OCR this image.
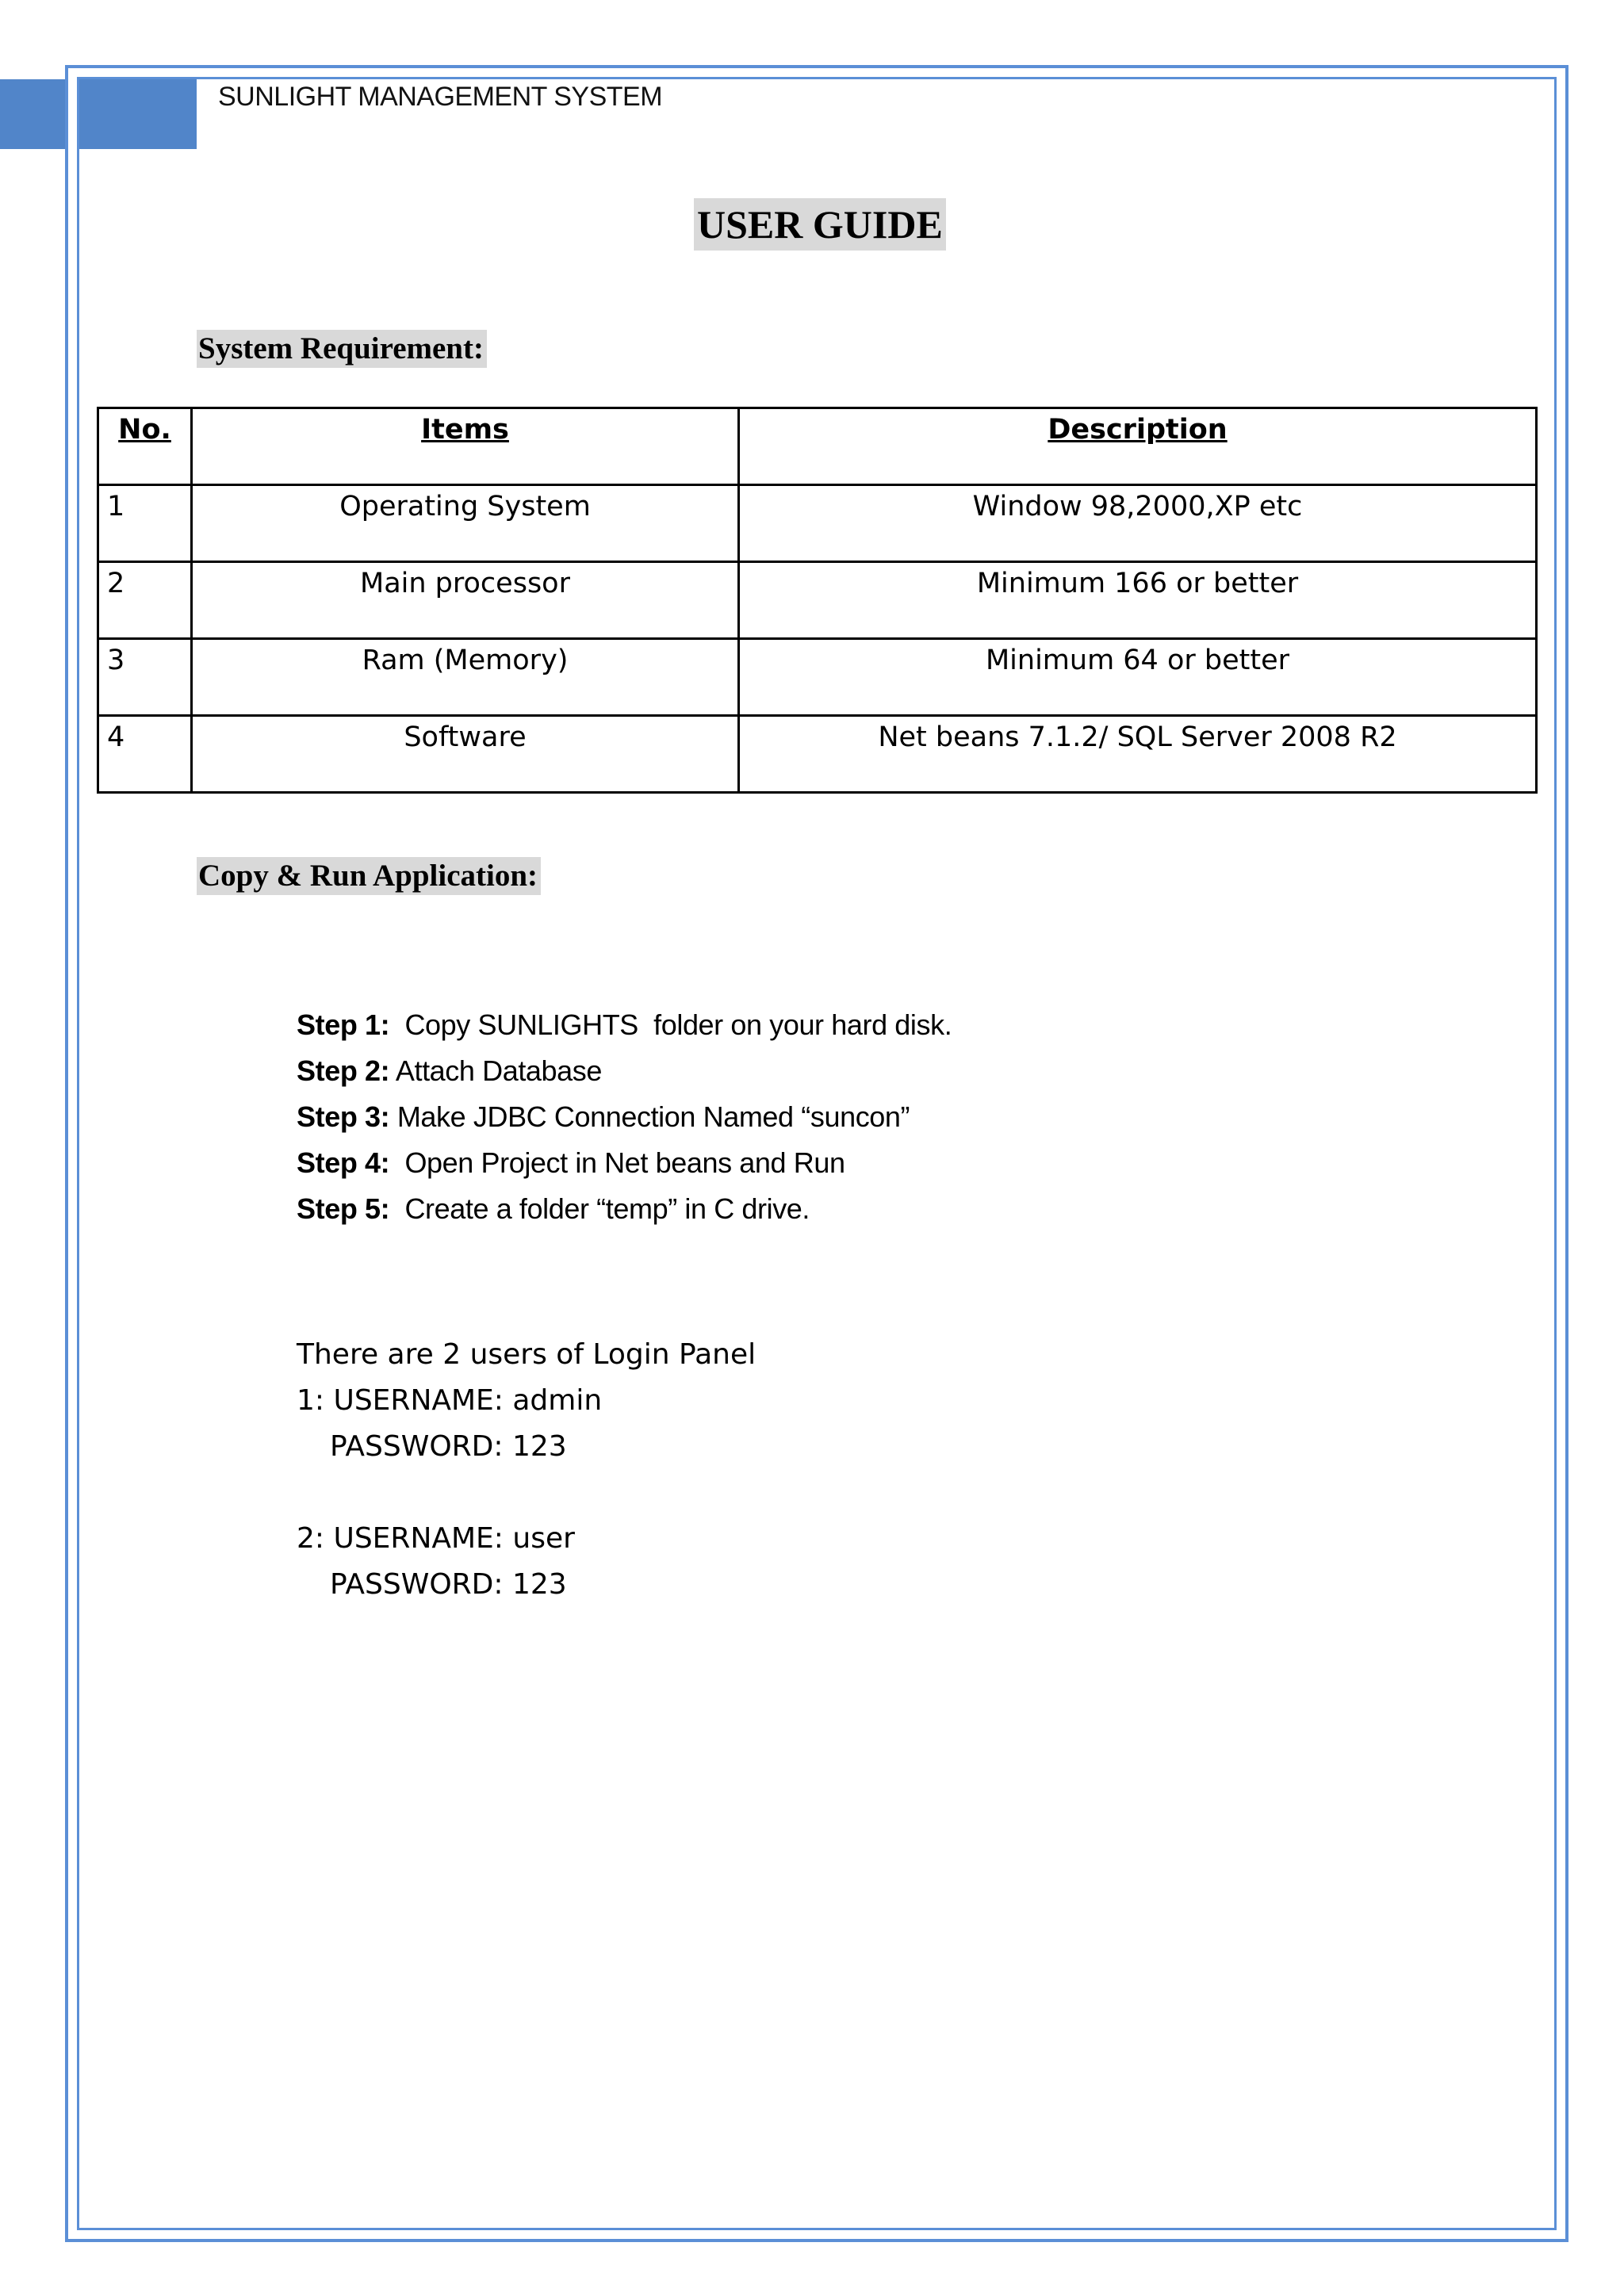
SUNLIGHT MANAGEMENT SYSTEM
USER GUIDE
System Requirement:
No.	Items	Description
1	Operating System	Window 98,2000,XP etc
2	Main processor	Minimum 166 or better
3	Ram (Memory)	Minimum 64 or better
4	Software	Net beans 7.1.2/ SQL Server 2008 R2
Copy & Run Application:
Step 1:  Copy SUNLIGHTS  folder on your hard disk.
Step 2: Attach Database
Step 3: Make JDBC Connection Named “suncon”
Step 4:  Open Project in Net beans and Run
Step 5:  Create a folder “temp” in C drive.
There are 2 users of Login Panel
1: USERNAME: admin
PASSWORD: 123
2: USERNAME: user
PASSWORD: 123
